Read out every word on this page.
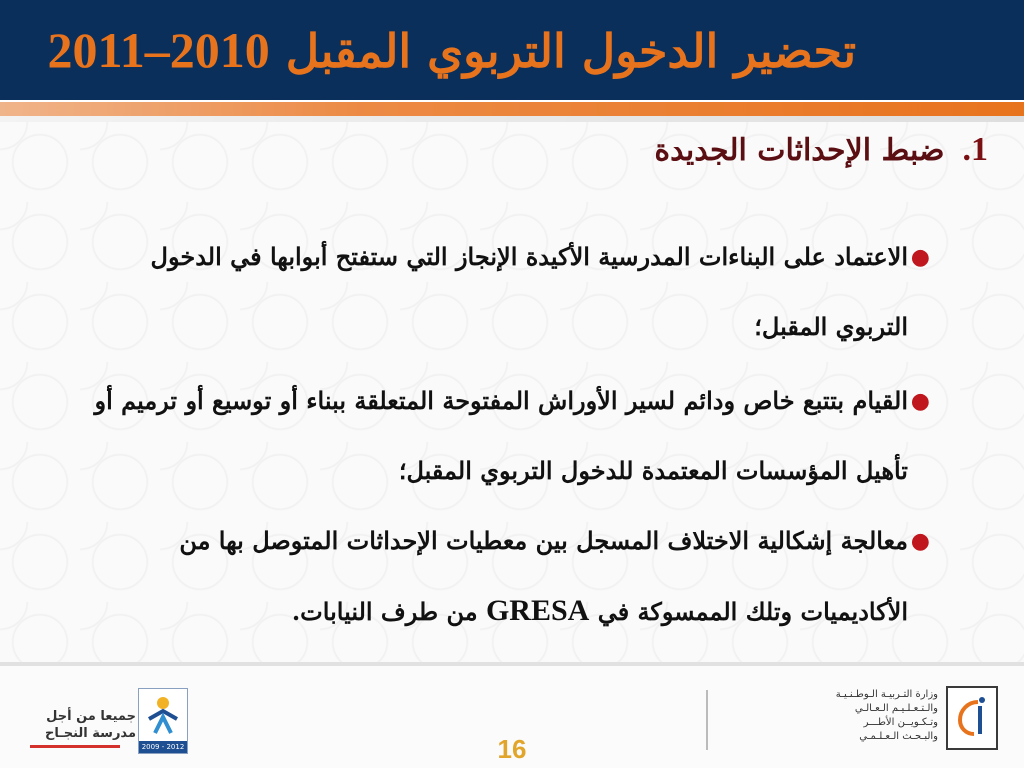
تحضير الدخول التربوي المقبل 2010–2011
1.ضبط الإحداثات الجديدة
●
الاعتماد على البناءات المدرسية الأكيدة الإنجاز التي ستفتح أبوابها في الدخول
التربوي المقبل؛
●
القيام بتتبع خاص ودائم لسير الأوراش المفتوحة المتعلقة ببناء أو توسيع أو ترميم أو
تأهيل المؤسسات المعتمدة للدخول التربوي المقبل؛
●
معالجة إشكالية الاختلاف المسجل بين معطيات الإحداثات المتوصل بها من
الأكاديميات وتلك الممسوكة في GRESA من طرف النيابات.
جميعا من أجل
مدرسة النجـاح
2009 - 2012	16
وزارة التـربيـة الـوطـنـيـة
والـتـعـلـيـم الـعـالـي
وتـكـويــن الأطـــر
والبـحـث الـعـلـمـي
